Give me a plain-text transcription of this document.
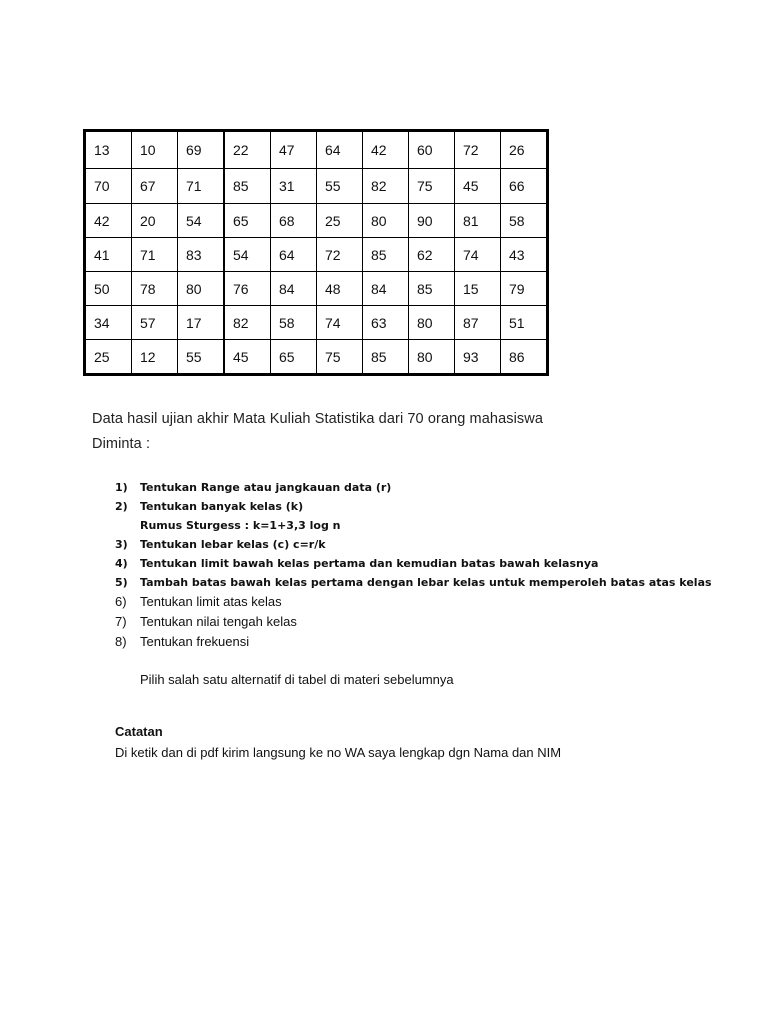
13	10	69	22	47	64	42	60	72	26
70	67	71	85	31	55	82	75	45	66
42	20	54	65	68	25	80	90	81	58
41	71	83	54	64	72	85	62	74	43
50	78	80	76	84	48	84	85	15	79
34	57	17	82	58	74	63	80	87	51
25	12	55	45	65	75	85	80	93	86
Data hasil ujian akhir Mata Kuliah Statistika dari 70 orang mahasiswa
Diminta :
1) Tentukan Range atau jangkauan data (r)
2) Tentukan banyak kelas (k)
Rumus Sturgess : k=1+3,3 log n
3) Tentukan lebar kelas (c) c=r/k
4) Tentukan limit bawah kelas pertama dan kemudian batas bawah kelasnya
5) Tambah batas bawah kelas pertama dengan lebar kelas untuk memperoleh batas atas kelas
6) Tentukan limit atas kelas
7) Tentukan nilai tengah kelas
8) Tentukan frekuensi
Pilih salah satu alternatif di tabel di materi sebelumnya
Catatan
Di ketik dan di pdf kirim langsung ke no WA saya lengkap dgn Nama dan NIM
